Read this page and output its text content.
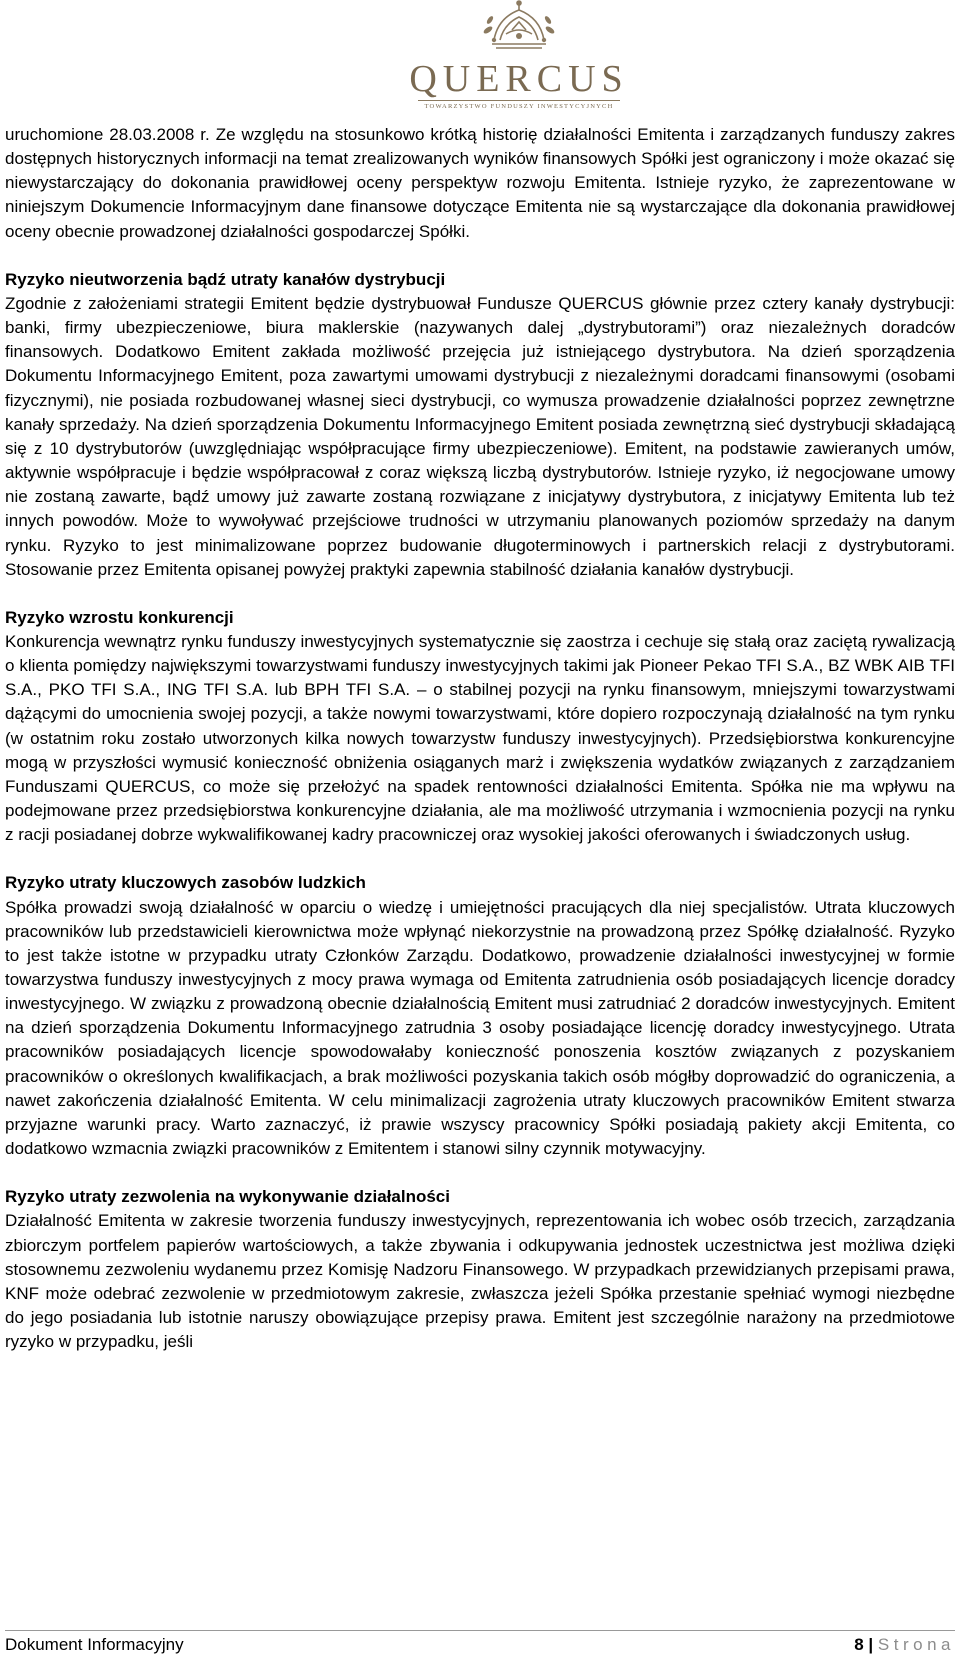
QUERCUS
TOWARZYSTWO FUNDUSZY INWESTYCYJNYCH

uruchomione 28.03.2008 r. Ze względu na stosunkowo krótką historię działalności Emitenta i zarządzanych funduszy zakres dostępnych historycznych informacji na temat zrealizowanych wyników finansowych Spółki jest ograniczony i może okazać się niewystarczający do dokonania prawidłowej oceny perspektyw rozwoju Emitenta. Istnieje ryzyko, że zaprezentowane w niniejszym Dokumencie Informacyjnym dane finansowe dotyczące Emitenta nie są wystarczające dla dokonania prawidłowej oceny obecnie prowadzonej działalności gospodarczej Spółki.

Ryzyko nieutworzenia bądź utraty kanałów dystrybucji

Zgodnie z założeniami strategii Emitent będzie dystrybuował Fundusze QUERCUS głównie przez cztery kanały dystrybucji: banki, firmy ubezpieczeniowe, biura maklerskie (nazywanych dalej „dystrybutorami”) oraz niezależnych doradców finansowych. Dodatkowo Emitent zakłada możliwość przejęcia już istniejącego dystrybutora. Na dzień sporządzenia Dokumentu Informacyjnego Emitent, poza zawartymi umowami dystrybucji z niezależnymi doradcami finansowymi (osobami fizycznymi), nie posiada rozbudowanej własnej sieci dystrybucji, co wymusza prowadzenie działalności poprzez zewnętrzne kanały sprzedaży. Na dzień sporządzenia Dokumentu Informacyjnego Emitent posiada zewnętrzną sieć dystrybucji składającą się z 10 dystrybutorów (uwzględniając współpracujące firmy ubezpieczeniowe). Emitent, na podstawie zawieranych umów, aktywnie współpracuje i będzie współpracował z coraz większą liczbą dystrybutorów. Istnieje ryzyko, iż negocjowane umowy nie zostaną zawarte, bądź umowy już zawarte zostaną rozwiązane z inicjatywy dystrybutora, z inicjatywy Emitenta lub też innych powodów. Może to wywoływać przejściowe trudności w utrzymaniu planowanych poziomów sprzedaży na danym rynku. Ryzyko to jest minimalizowane poprzez budowanie długoterminowych i partnerskich relacji z dystrybutorami. Stosowanie przez Emitenta opisanej powyżej praktyki zapewnia stabilność działania kanałów dystrybucji.

Ryzyko wzrostu konkurencji

Konkurencja wewnątrz rynku funduszy inwestycyjnych systematycznie się zaostrza i cechuje się stałą oraz zaciętą rywalizacją o klienta pomiędzy największymi towarzystwami funduszy inwestycyjnych takimi jak Pioneer Pekao TFI S.A., BZ WBK AIB TFI S.A., PKO TFI S.A., ING TFI S.A. lub BPH TFI S.A. – o stabilnej pozycji na rynku finansowym, mniejszymi towarzystwami dążącymi do umocnienia swojej pozycji, a także nowymi towarzystwami, które dopiero rozpoczynają działalność na tym rynku (w ostatnim roku zostało utworzonych kilka nowych towarzystw funduszy inwestycyjnych). Przedsiębiorstwa konkurencyjne mogą w przyszłości wymusić konieczność obniżenia osiąganych marż i zwiększenia wydatków związanych z zarządzaniem Funduszami QUERCUS, co może się przełożyć na spadek rentowności działalności Emitenta. Spółka nie ma wpływu na podejmowane przez przedsiębiorstwa konkurencyjne działania, ale ma możliwość utrzymania i wzmocnienia pozycji na rynku z racji posiadanej dobrze wykwalifikowanej kadry pracowniczej oraz wysokiej jakości oferowanych i świadczonych usług.

Ryzyko utraty kluczowych zasobów ludzkich

Spółka prowadzi swoją działalność w oparciu o wiedzę i umiejętności pracujących dla niej specjalistów. Utrata kluczowych pracowników lub przedstawicieli kierownictwa może wpłynąć niekorzystnie na prowadzoną przez Spółkę działalność. Ryzyko to jest także istotne w przypadku utraty Członków Zarządu. Dodatkowo, prowadzenie działalności inwestycyjnej w formie towarzystwa funduszy inwestycyjnych z mocy prawa wymaga od Emitenta zatrudnienia osób posiadających licencje doradcy inwestycyjnego. W związku z prowadzoną obecnie działalnością Emitent musi zatrudniać 2 doradców inwestycyjnych. Emitent na dzień sporządzenia Dokumentu Informacyjnego zatrudnia 3 osoby posiadające licencję doradcy inwestycyjnego. Utrata pracowników posiadających licencje spowodowałaby konieczność ponoszenia kosztów związanych z pozyskaniem pracowników o określonych kwalifikacjach, a brak możliwości pozyskania takich osób mógłby doprowadzić do ograniczenia, a nawet zakończenia działalność Emitenta. W celu minimalizacji zagrożenia utraty kluczowych pracowników Emitent stwarza przyjazne warunki pracy. Warto zaznaczyć, iż prawie wszyscy pracownicy Spółki posiadają pakiety akcji Emitenta, co dodatkowo wzmacnia związki pracowników z Emitentem i stanowi silny czynnik motywacyjny.

Ryzyko utraty zezwolenia na wykonywanie działalności

Działalność Emitenta w zakresie tworzenia funduszy inwestycyjnych, reprezentowania ich wobec osób trzecich, zarządzania zbiorczym portfelem papierów wartościowych, a także zbywania i odkupywania jednostek uczestnictwa jest możliwa dzięki stosownemu zezwoleniu wydanemu przez Komisję Nadzoru Finansowego. W przypadkach przewidzianych przepisami prawa, KNF może odebrać zezwolenie w przedmiotowym zakresie, zwłaszcza jeżeli Spółka przestanie spełniać wymogi niezbędne do jego posiadania lub istotnie naruszy obowiązujące przepisy prawa. Emitent jest szczególnie narażony na przedmiotowe ryzyko w przypadku, jeśli

Dokument Informacyjny	8 | Strona
